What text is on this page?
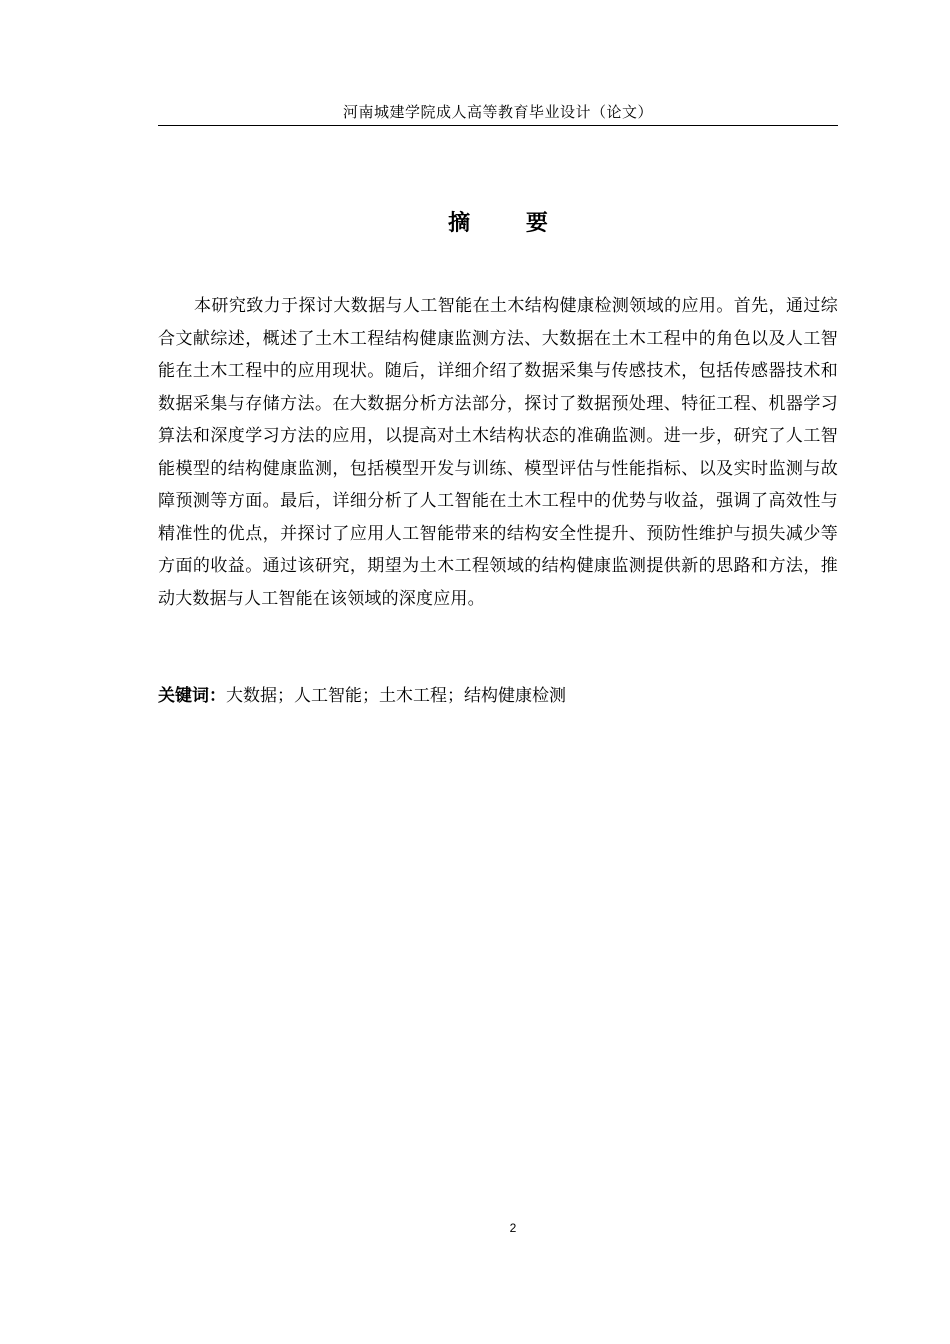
河南城建学院成人高等教育毕业设计（论文）
摘 要

本研究致力于探讨大数据与人工智能在土木结构健康检测领域的应用。首先，通过综合文献综述，概述了土木工程结构健康监测方法、大数据在土木工程中的角色以及人工智能在土木工程中的应用现状。随后，详细介绍了数据采集与传感技术，包括传感器技术和数据采集与存储方法。在大数据分析方法部分，探讨了数据预处理、特征工程、机器学习算法和深度学习方法的应用，以提高对土木结构状态的准确监测。进一步，研究了人工智能模型的结构健康监测，包括模型开发与训练、模型评估与性能指标、以及实时监测与故障预测等方面。最后，详细分析了人工智能在土木工程中的优势与收益，强调了高效性与精准性的优点，并探讨了应用人工智能带来的结构安全性提升、预防性维护与损失减少等方面的收益。通过该研究，期望为土木工程领域的结构健康监测提供新的思路和方法，推动大数据与人工智能在该领域的深度应用。

关键词：大数据；人工智能；土木工程；结构健康检测
2
